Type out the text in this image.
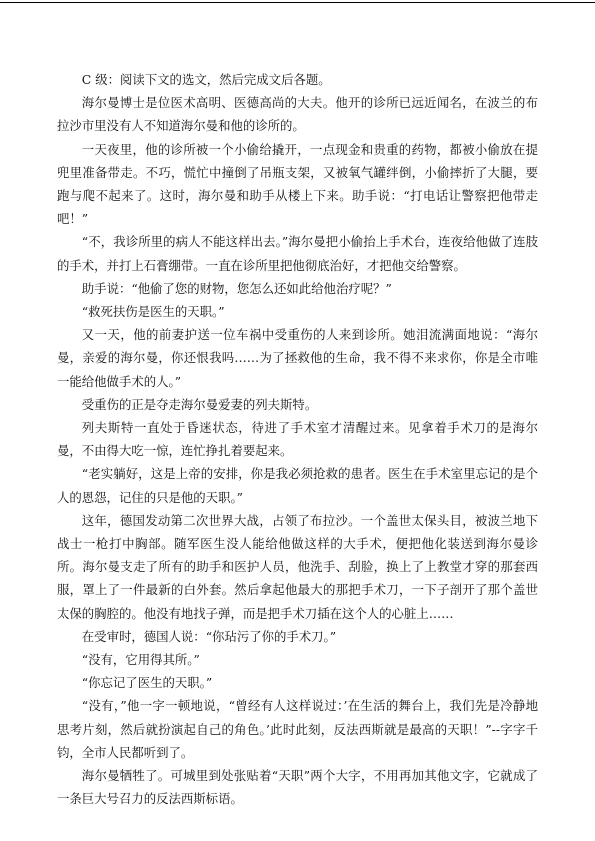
C 级：阅读下文的选文，然后完成文后各题。

海尔曼博士是位医术高明、医德高尚的大夫。他开的诊所已远近闻名，在波兰的布拉沙市里没有人不知道海尔曼和他的诊所的。

一天夜里，他的诊所被一个小偷给撬开，一点现金和贵重的药物，都被小偷放在提兜里准备带走。不巧，慌忙中撞倒了吊瓶支架，又被氧气罐绊倒，小偷摔折了大腿，要跑与爬不起来了。这时，海尔曼和助手从楼上下来。助手说：“打电话让警察把他带走吧！”

“不，我诊所里的病人不能这样出去。”海尔曼把小偷抬上手术台，连夜给他做了连肢的手术，并打上石膏绷带。一直在诊所里把他彻底治好，才把他交给警察。

助手说：“他偷了您的财物，您怎么还如此给他治疗呢？”

“救死扶伤是医生的天职。”

又一天，他的前妻护送一位车祸中受重伤的人来到诊所。她泪流满面地说：“海尔曼，亲爱的海尔曼，你还恨我吗……为了拯救他的生命，我不得不来求你，你是全市唯一能给他做手术的人。”

受重伤的正是夺走海尔曼爱妻的列夫斯特。

列夫斯特一直处于昏迷状态，待进了手术室才清醒过来。见拿着手术刀的是海尔曼，不由得大吃一惊，连忙挣扎着要起来。

“老实躺好，这是上帝的安排，你是我必须抢救的患者。医生在手术室里忘记的是个人的恩怨，记住的只是他的天职。”

这年，德国发动第二次世界大战，占领了布拉沙。一个盖世太保头目，被波兰地下战士一枪打中胸部。随军医生没人能给他做这样的大手术，便把他化装送到海尔曼诊所。海尔曼支走了所有的助手和医护人员，他洗手、刮脸，换上了上教堂才穿的那套西服，罩上了一件最新的白外套。然后拿起他最大的那把手术刀，一下子剖开了那个盖世太保的胸腔的。他没有地找子弹，而是把手术刀插在这个人的心脏上……

在受审时，德国人说：“你玷污了你的手术刀。”

“没有，它用得其所。”

“你忘记了医生的天职。”

“没有，”他一字一顿地说，“曾经有人这样说过：’在生活的舞台上，我们先是冷静地思考片刻，然后就扮演起自己的角色。’此时此刻，反法西斯就是最高的天职！”--字字千钧，全市人民都听到了。

海尔曼牺牲了。可城里到处张贴着“天职”两个大字，不用再加其他文字，它就成了一条巨大号召力的反法西斯标语。
